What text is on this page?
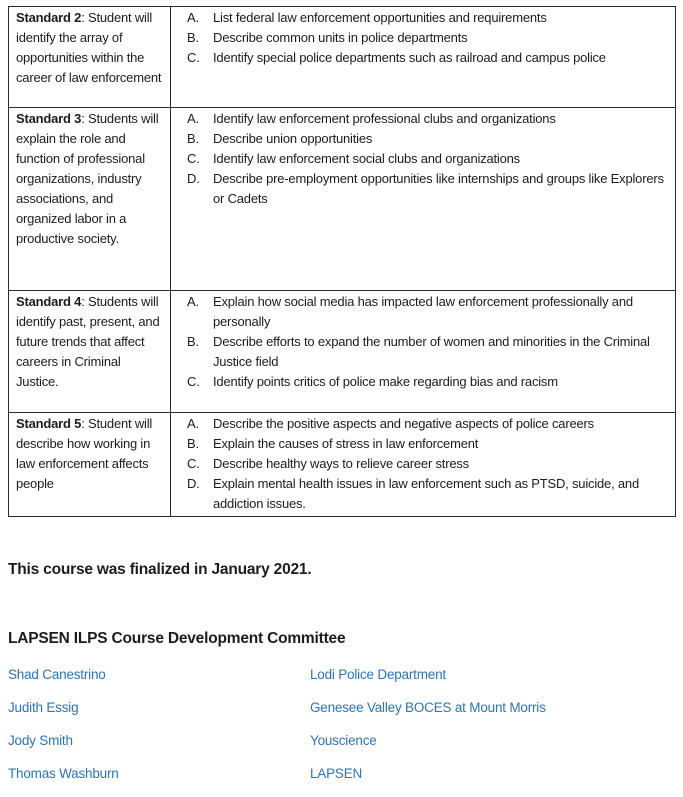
Standard 2: Student will identify the array of opportunities within the career of law enforcement	
A.	List federal law enforcement opportunities and requirements
B.	Describe common units in police departments
C.	Identify special police departments such as railroad and campus police

Standard 3: Students will explain the role and function of professional organizations, industry associations, and organized labor in a productive society.	
A.	Identify law enforcement professional clubs and organizations
B.	Describe union opportunities
C.	Identify law enforcement social clubs and organizations
D.	Describe pre-employment opportunities like internships and groups like Explorers or Cadets

Standard 4: Students will identify past, present, and future trends that affect careers in Criminal Justice.	
A.	Explain how social media has impacted law enforcement professionally and personally
B.	Describe efforts to expand the number of women and minorities in the Criminal Justice field
C.	Identify points critics of police make regarding bias and racism

Standard 5: Student will describe how working in law enforcement affects people	
A.	Describe the positive aspects and negative aspects of police careers
B.	Explain the causes of stress in law enforcement
C.	Describe healthy ways to relieve career stress
D.	Explain mental health issues in law enforcement such as PTSD, suicide, and addiction issues.
This course was finalized in January 2021.
LAPSEN ILPS Course Development Committee
Shad Canestrino	Lodi Police Department
Judith Essig	Genesee Valley BOCES at Mount Morris
Jody Smith	Youscience
Thomas Washburn	LAPSEN
